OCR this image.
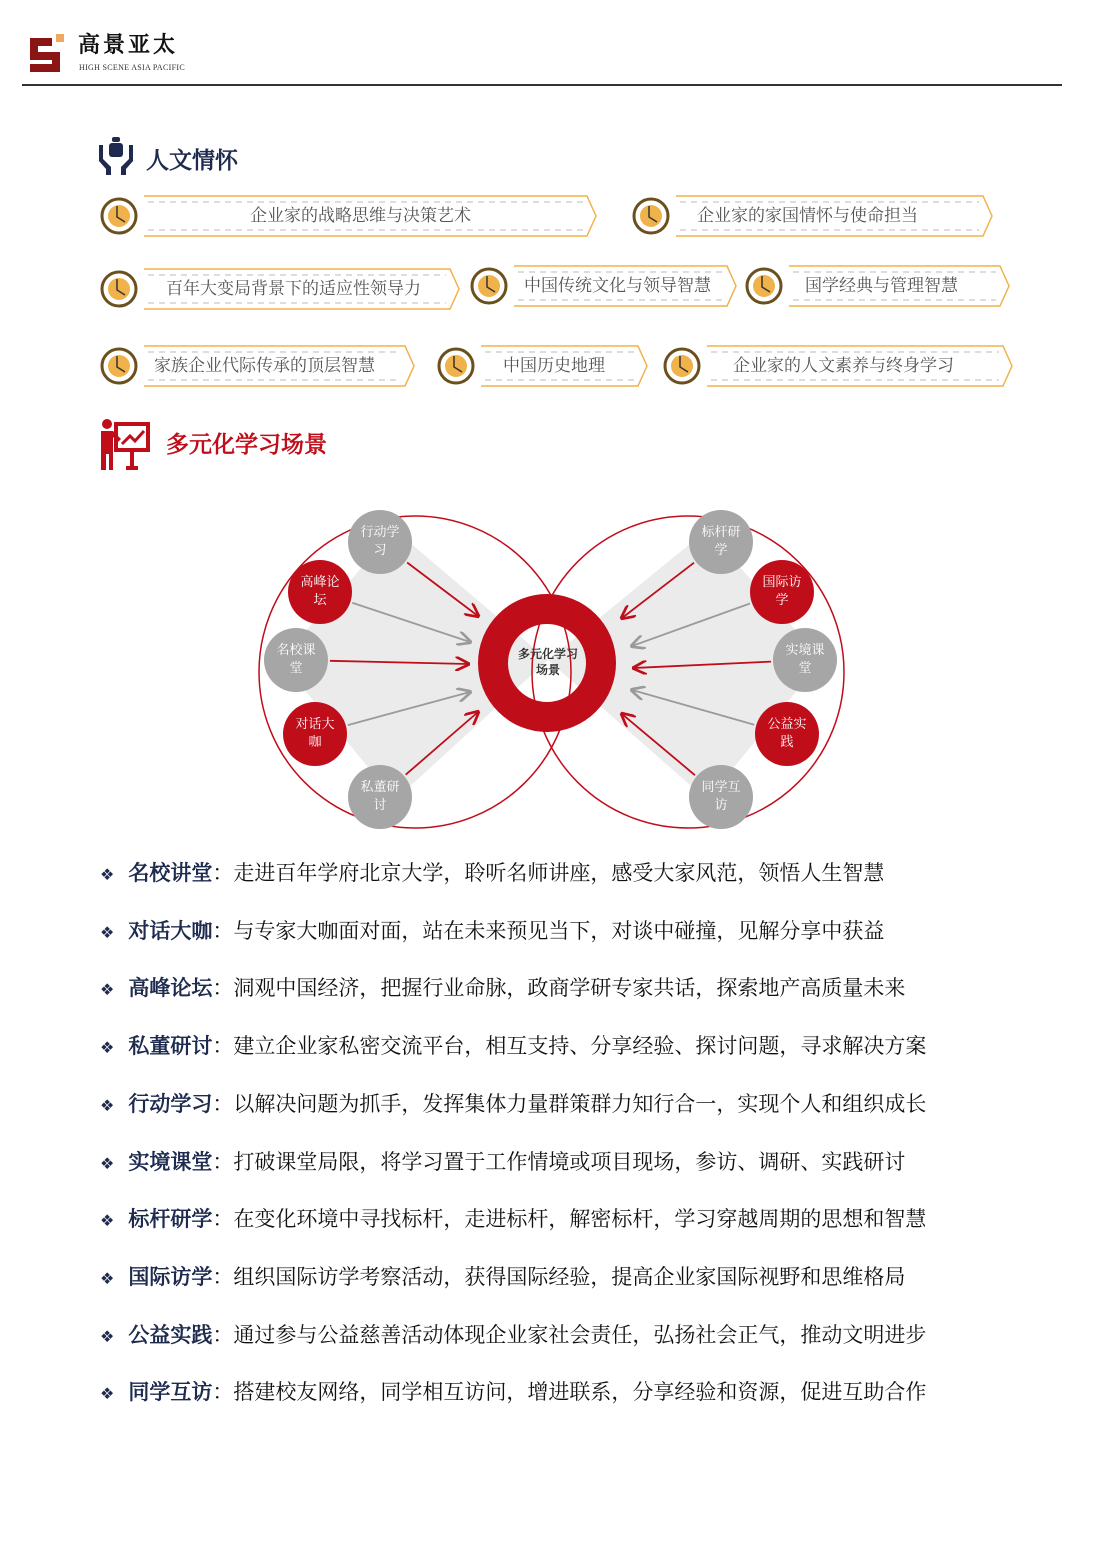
高景亚太
HIGH SCENE ASIA PACIFIC
人文情怀
企业家的战略思维与决策艺术	企业家的家国情怀与使命担当
百年大变局背景下的适应性领导力	中国传统文化与领导智慧	国学经典与管理智慧
家族企业代际传承的顶层智慧	中国历史地理	企业家的人文素养与终身学习
多元化学习场景
多元化学习场景
行动学习
高峰论坛
名校课堂
对话大咖
私董研讨
标杆研学
国际访学
实境课堂
公益实践
同学互访
❖ 名校讲堂：走进百年学府北京大学，聆听名师讲座，感受大家风范，领悟人生智慧
❖ 对话大咖：与专家大咖面对面，站在未来预见当下，对谈中碰撞，见解分享中获益
❖ 高峰论坛：洞观中国经济，把握行业命脉，政商学研专家共话，探索地产高质量未来
❖ 私董研讨：建立企业家私密交流平台，相互支持、分享经验、探讨问题，寻求解决方案
❖ 行动学习：以解决问题为抓手，发挥集体力量群策群力知行合一，实现个人和组织成长
❖ 实境课堂：打破课堂局限，将学习置于工作情境或项目现场，参访、调研、实践研讨
❖ 标杆研学：在变化环境中寻找标杆，走进标杆，解密标杆，学习穿越周期的思想和智慧
❖ 国际访学：组织国际访学考察活动，获得国际经验，提高企业家国际视野和思维格局
❖ 公益实践：通过参与公益慈善活动体现企业家社会责任，弘扬社会正气，推动文明进步
❖ 同学互访：搭建校友网络，同学相互访问，增进联系，分享经验和资源，促进互助合作
